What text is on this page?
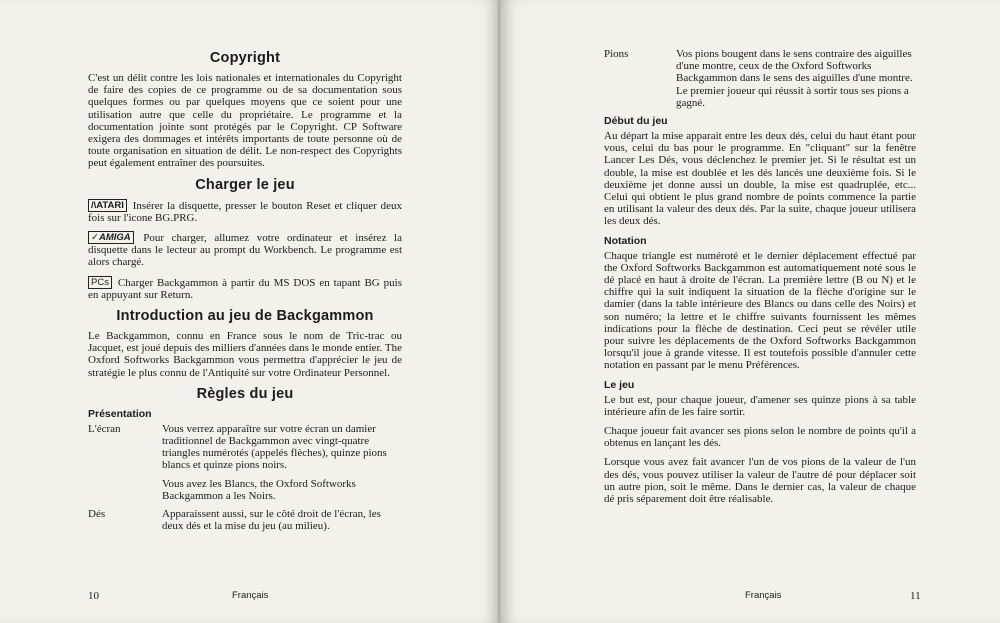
Copyright

C'est un délit contre les lois nationales et internationales du Copyright de faire des copies de ce programme ou de sa documentation sous quelques formes ou par quelques moyens que ce soient pour une utilisation autre que celle du propriétaire. Le programme et la documentation jointe sont protégés par le Copyright. CP Software exigera des dommages et intérêts importants de toute personne où de toute organisation en situation de délit. Le non-respect des Copyrights peut également entraîner des poursuites.

Charger le jeu

/\ATARI Insérer la disquette, presser le bouton Reset et cliquer deux fois sur l'icone BG.PRG.

✓AMIGA Pour charger, allumez votre ordinateur et insérez la disquette dans le lecteur au prompt du Workbench. Le programme est alors chargé.

PCs Charger Backgammon à partir du MS DOS en tapant BG puis en appuyant sur Return.

Introduction au jeu de Backgammon

Le Backgammon, connu en France sous le nom de Tric-trac ou Jacquet, est joué depuis des milliers d'années dans le monde entier. The Oxford Softworks Backgammon vous permettra d'apprécier le jeu de stratégie le plus connu de l'Antiquité sur votre Ordinateur Personnel.

Règles du jeu
Présentation
L'écran	Vous verrez apparaître sur votre écran un damier traditionnel de Backgammon avec vingt-quatre triangles numérotés (appelés flèches), quinze pions blancs et quinze pions noirs.

Vous avez les Blancs, the Oxford Softworks Backgammon a les Noirs.

Dés	Apparaissent aussi, sur le côté droit de l'écran, les deux dés et la mise du jeu (au milieu).

10	Français
Pions	Vos pions bougent dans le sens contraire des aiguilles d'une montre, ceux de the Oxford Softworks Backgammon dans le sens des aiguilles d'une montre. Le premier joueur qui réussit à sortir tous ses pions a gagné.

Début du jeu

Au départ la mise apparait entre les deux dés, celui du haut étant pour vous, celui du bas pour le programme. En "cliquant" sur la fenêtre Lancer Les Dés, vous déclenchez le premier jet. Si le résultat est un double, la mise est doublée et les dés lancés une deuxième fois. Si le deuxième jet donne aussi un double, la mise est quadruplée, etc... Celui qui obtient le plus grand nombre de points commence la partie en utilisant la valeur des deux dés. Par la suite, chaque joueur utilisera les deux dés.

Notation

Chaque triangle est numéroté et le dernier déplacement effectué par the Oxford Softworks Backgammon est automatiquement noté sous le dé placé en haut à droite de l'écran. La première lettre (B ou N) et le chiffre qui la suit indiquent la situation de la flèche d'origine sur le damier (dans la table intérieure des Blancs ou dans celle des Noirs) et son numéro; la lettre et le chiffre suivants fournissent les mêmes indications pour la flèche de destination. Ceci peut se révéler utile pour suivre les déplacements de the Oxford Softworks Backgammon lorsqu'il joue à grande vitesse. Il est toutefois possible d'annuler cette notation en passant par le menu Préférences.

Le jeu

Le but est, pour chaque joueur, d'amener ses quinze pions à sa table intérieure afin de les faire sortir.

Chaque joueur fait avancer ses pions selon le nombre de points qu'il a obtenus en lançant les dés.

Lorsque vous avez fait avancer l'un de vos pions de la valeur de l'un des dés, vous pouvez utiliser la valeur de l'autre dé pour déplacer soit un autre pion, soit le même. Dans le dernier cas, la valeur de chaque dé pris séparement doit être réalisable.

Français	11
